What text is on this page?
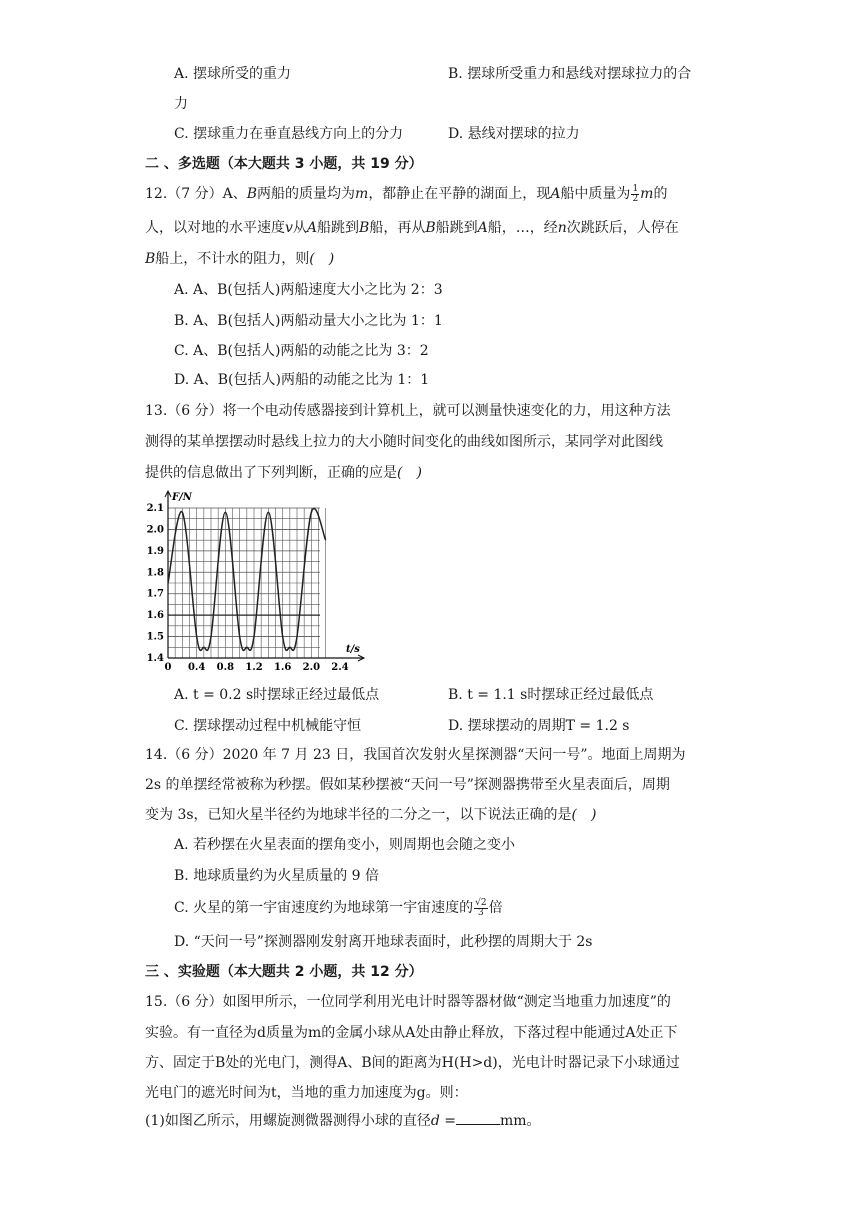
A. 摆球所受的重力	B. 摆球所受重力和悬线对摆球拉力的合
力
C. 摆球重力在垂直悬线方向上的分力	D. 悬线对摆球的拉力
二 、多选题（本大题共 3 小题，共 19 分）
12.（7 分）A、B两船的质量均为m，都静止在平静的湖面上，现A船中质量为 $\frac{1}{2}$ m的
人，以对地的水平速度v从A船跳到B船，再从B船跳到A船，…，经n次跳跃后，人停在
B船上，不计水的阻力，则(　)
A. A、B(包括人)两船速度大小之比为 2：3
B. A、B(包括人)两船动量大小之比为 1：1
C. A、B(包括人)两船的动能之比为 3：2
D. A、B(包括人)两船的动能之比为 1：1
13.（6 分）将一个电动传感器接到计算机上，就可以测量快速变化的力，用这种方法
测得的某单摆摆动时悬线上拉力的大小随时间变化的曲线如图所示，某同学对此图线
提供的信息做出了下列判断，正确的应是(　)
2.1
2.0
1.9
1.8
1.7
1.6
1.5
1.4
0 0.4 0.8 1.2 1.6 2.0 2.4
F/N
t/s
A. t = 0.2 s时摆球正经过最低点	B. t = 1.1 s时摆球正经过最低点
C. 摆球摆动过程中机械能守恒	D. 摆球摆动的周期T = 1.2 s
14.（6 分）2020 年 7 月 23 日，我国首次发射火星探测器“天问一号”。地面上周期为
2s 的单摆经常被称为秒摆。假如某秒摆被“天问一号”探测器携带至火星表面后，周期
变为 3s，已知火星半径约为地球半径的二分之一，以下说法正确的是(　)
A. 若秒摆在火星表面的摆角变小，则周期也会随之变小
B. 地球质量约为火星质量的 9 倍
C. 火星的第一宇宙速度约为地球第一宇宙速度的 $\frac{√2}{3}$ 倍
D. “天问一号”探测器刚发射离开地球表面时，此秒摆的周期大于 2s
三 、实验题（本大题共 2 小题，共 12 分）
15.（6 分）如图甲所示，一位同学利用光电计时器等器材做“测定当地重力加速度”的
实验。有一直径为d质量为m的金属小球从A处由静止释放，下落过程中能通过A处正下
方、固定于B处的光电门，测得A、B间的距离为H(H>d)，光电计时器记录下小球通过
光电门的遮光时间为t，当地的重力加速度为g。则：
(1)如图乙所示，用螺旋测微器测得小球的直径d =	mm。
